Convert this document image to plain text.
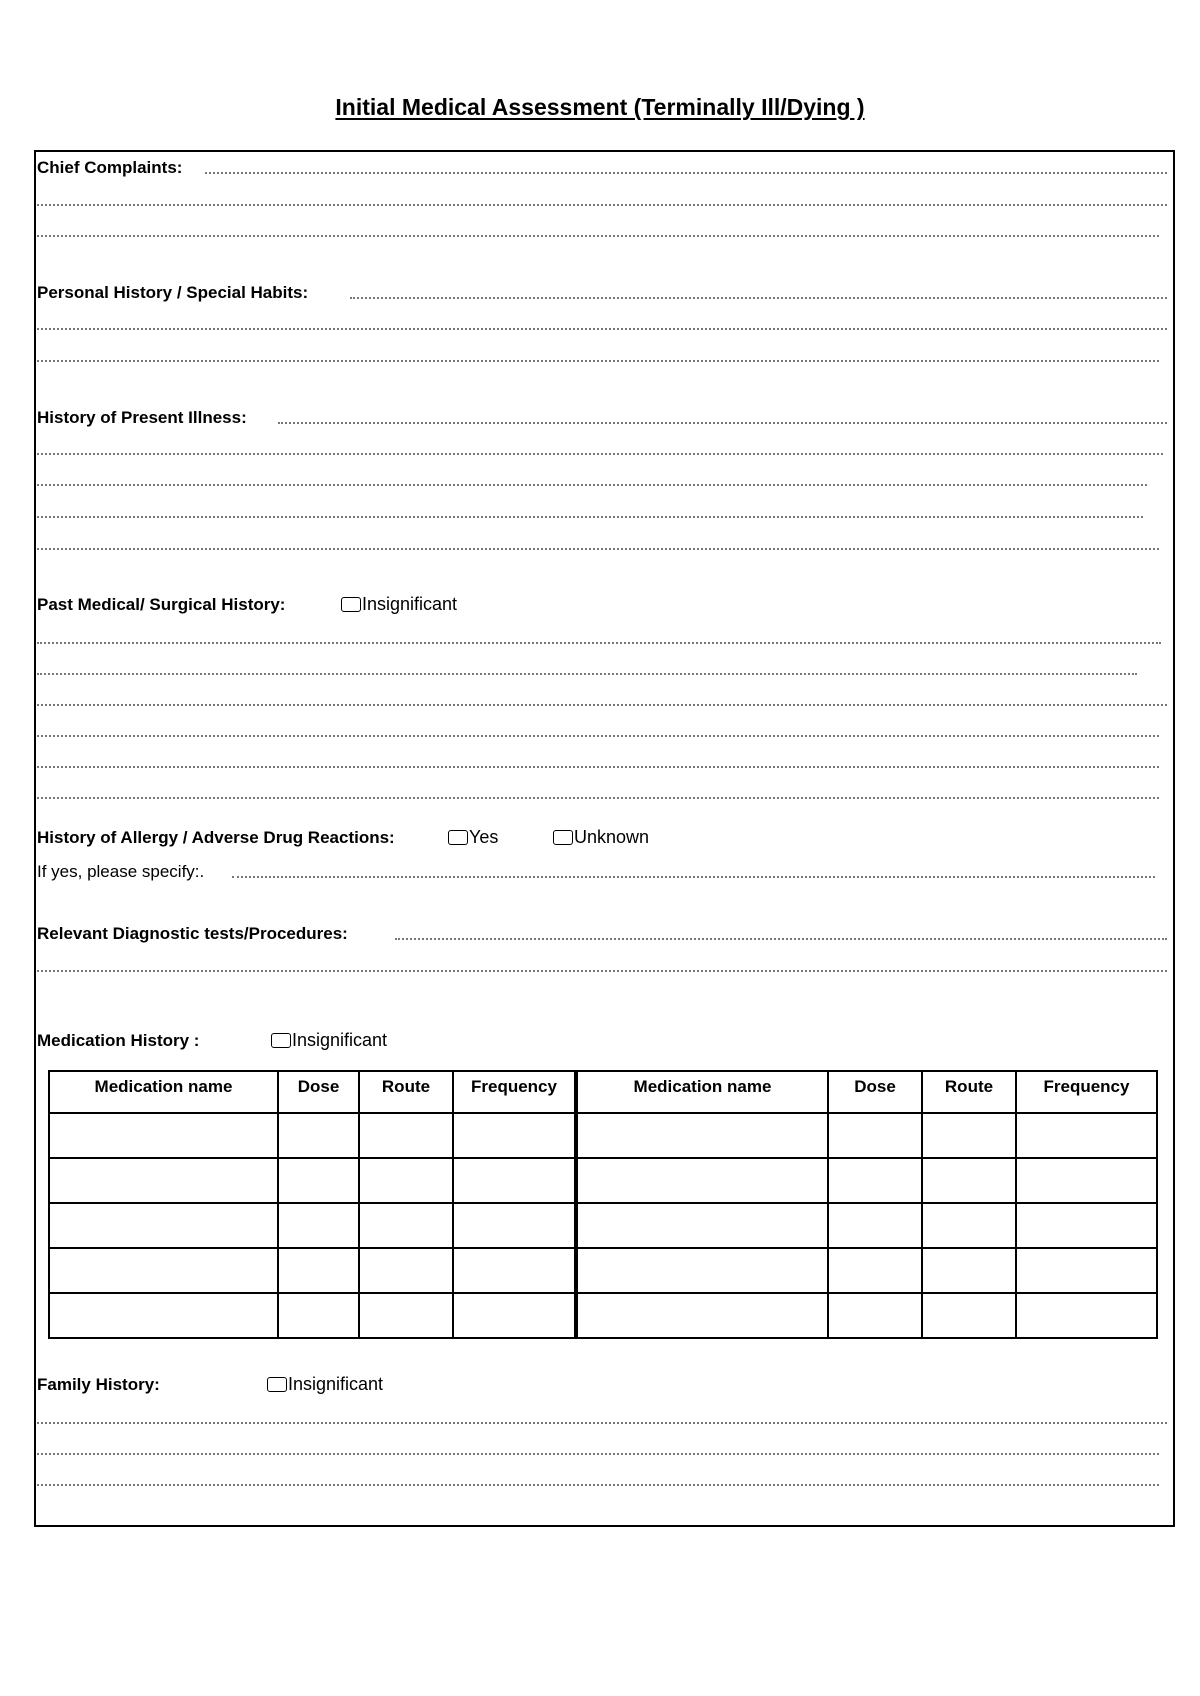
Initial Medical Assessment (Terminally Ill/Dying )
Chief Complaints:
Personal History / Special Habits:
History of Present Illness:
Past Medical/ Surgical History:	Insignificant
History of Allergy / Adverse Drug Reactions:	Yes	Unknown
If yes, please specify:.
Relevant Diagnostic tests/Procedures:
Medication History :	Insignificant
Medication name	Dose	Route	Frequency	Medication name	Dose	Route	Frequency

Family History:	Insignificant
